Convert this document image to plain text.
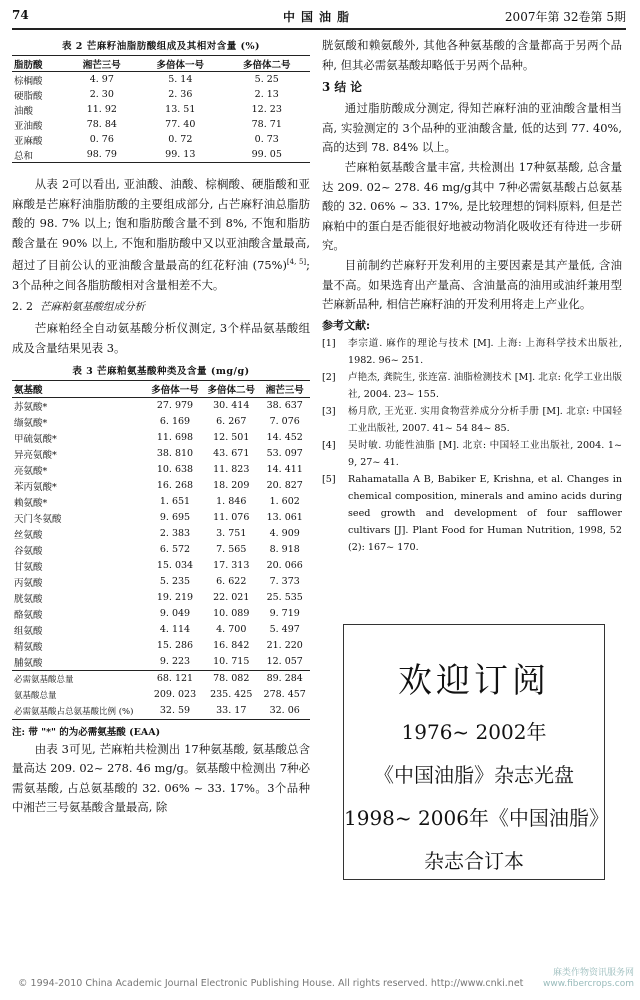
74	中国油脂	2007年第 32卷第 5期
表 2 芒麻籽油脂肪酸组成及其相对含量 (%)
脂肪酸	湘芒三号	多倍体一号	多倍体二号
棕榈酸	4. 97	5. 14	5. 25
硬脂酸	2. 30	2. 36	2. 13
油酸	11. 92	13. 51	12. 23
亚油酸	78. 84	77. 40	78. 71
亚麻酸	0. 76	0. 72	0. 73
总和	98. 79	99. 13	99. 05

从表 2可以看出, 亚油酸、油酸、棕榈酸、硬脂酸和亚麻酸是芒麻籽油脂肪酸的主要组成部分, 占芒麻籽油总脂肪酸的 98. 7% 以上; 饱和脂肪酸含量不到 8%, 不饱和脂肪酸含量在 90% 以上, 不饱和脂肪酸中又以亚油酸含量最高, 超过了目前公认的亚油酸含量最高的红花籽油 (75%)[4, 5]; 3个品种之间各脂肪酸相对含量相差不大。

2. 2 芒麻粕氨基酸组成分析

芒麻粕经全自动氨基酸分析仪测定, 3个样品氨基酸组成及含量结果见表 3。

表 3 芒麻粕氨基酸种类及含量 (mg/g)
氨基酸	多倍体一号	多倍体二号	湘芒三号
苏氨酸*	27. 979	30. 414	38. 637
缬氨酸*	6. 169	6. 267	7. 076
甲硫氨酸*	11. 698	12. 501	14. 452
异亮氨酸*	38. 810	43. 671	53. 097
亮氨酸*	10. 638	11. 823	14. 411
苯丙氨酸*	16. 268	18. 209	20. 827
赖氨酸*	1. 651	1. 846	1. 602
天门冬氨酸	9. 695	11. 076	13. 061
丝氨酸	2. 383	3. 751	4. 909
谷氨酸	6. 572	7. 565	8. 918
甘氨酸	15. 034	17. 313	20. 066
丙氨酸	5. 235	6. 622	7. 373
胱氨酸	19. 219	22. 021	25. 535
酪氨酸	9. 049	10. 089	9. 719
组氨酸	4. 114	4. 700	5. 497
精氨酸	15. 286	16. 842	21. 220
脯氨酸	9. 223	10. 715	12. 057
必需氨基酸总量	68. 121	78. 082	89. 284
氨基酸总量	209. 023	235. 425	278. 457
必需氨基酸占总氨基酸比例 (%)	32. 59	33. 17	32. 06
注: 带 "*" 的为必需氨基酸 (EAA)

由表 3可见, 芒麻粕共检测出 17种氨基酸, 氨基酸总含量高达 209. 02~ 278. 46 mg/g。氨基酸中检测出 7种必需氨基酸, 占总氨基酸的 32. 06% ~ 33. 17%。3个品种中湘芒三号氨基酸含量最高, 除

胱氨酸和赖氨酸外, 其他各种氨基酸的含量都高于另两个品种, 但其必需氨基酸却略低于另两个品种。

3 结 论

通过脂肪酸成分测定, 得知芒麻籽油的亚油酸含量相当高, 实验测定的 3个品种的亚油酸含量, 低的达到 77. 40%, 高的达到 78. 84% 以上。

芒麻粕氨基酸含量丰富, 共检测出 17种氨基酸, 总含量达 209. 02~ 278. 46 mg/g其中 7种必需氨基酸占总氨基酸的 32. 06% ~ 33. 17%, 是比较理想的饲料原料, 但是芒麻粕中的蛋白是否能很好地被动物消化吸收还有待进一步研究。

目前制约芒麻籽开发利用的主要因素是其产量低, 含油量不高。如果选育出产量高、含油量高的油用或油纤兼用型芒麻新品种, 相信芒麻籽油的开发利用将走上产业化。

参考文献:
[1]	李宗道. 麻作的理论与技术 [M]. 上海: 上海科学技术出版社, 1982. 96~ 251.
[2]	卢艳杰, 龚院生, 张连富. 油脂检测技术 [M]. 北京: 化学工业出版社, 2004. 23~ 155.
[3]	杨月欣, 王光亚. 实用食物营养成分分析手册 [M]. 北京: 中国轻工业出版社, 2007. 41~ 54 84~ 85.
[4]	吴时敏. 功能性油脂 [M]. 北京: 中国轻工业出版社, 2004. 1~ 9, 27~ 41.
[5]	Rahamatalla A B, Babiker E, Krishna, et al. Changes in chemical composition, minerals and amino acids during seed growth and development of four safflower cultivars [J]. Plant Food for Human Nutrition, 1998, 52 (2): 167~ 170.
欢迎订阅
1976~ 2002年
《中国油脂》杂志光盘
1998~ 2006年《中国油脂》
杂志合订本
© 1994-2010 China Academic Journal Electronic Publishing House. All rights reserved. http://www.cnki.net
麻类作物资讯服务网
www.fibercrops.com
